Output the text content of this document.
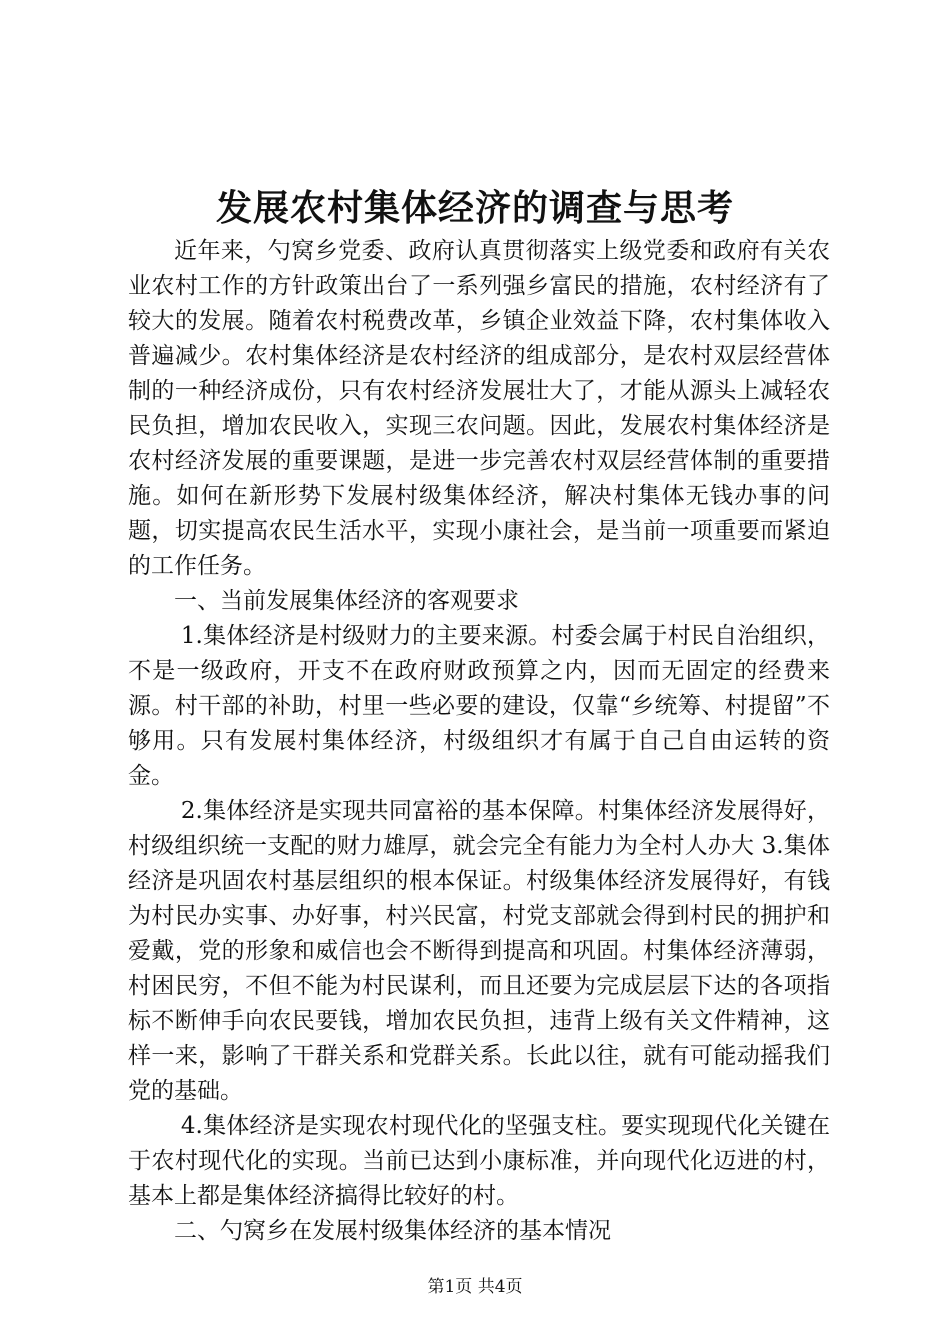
发展农村集体经济的调查与思考

近年来，勺窝乡党委、政府认真贯彻落实上级党委和政府有关农业农村工作的方针政策出台了一系列强乡富民的措施，农村经济有了较大的发展。随着农村税费改革，乡镇企业效益下降，农村集体收入普遍减少。农村集体经济是农村经济的组成部分，是农村双层经营体制的一种经济成份，只有农村经济发展壮大了，才能从源头上减轻农民负担，增加农民收入，实现三农问题。因此，发展农村集体经济是农村经济发展的重要课题，是进一步完善农村双层经营体制的重要措施。如何在新形势下发展村级集体经济，解决村集体无钱办事的问题，切实提高农民生活水平，实现小康社会，是当前一项重要而紧迫的工作任务。

一、当前发展集体经济的客观要求

1.集体经济是村级财力的主要来源。村委会属于村民自治组织，不是一级政府，开支不在政府财政预算之内，因而无固定的经费来源。村干部的补助，村里一些必要的建设，仅靠“乡统筹、村提留”不够用。只有发展村集体经济，村级组织才有属于自己自由运转的资金。

2.集体经济是实现共同富裕的基本保障。村集体经济发展得好，村级组织统一支配的财力雄厚，就会完全有能力为全村人办大 3.集体经济是巩固农村基层组织的根本保证。村级集体经济发展得好，有钱为村民办实事、办好事，村兴民富，村党支部就会得到村民的拥护和爱戴，党的形象和威信也会不断得到提高和巩固。村集体经济薄弱，村困民穷，不但不能为村民谋利，而且还要为完成层层下达的各项指标不断伸手向农民要钱，增加农民负担，违背上级有关文件精神，这样一来，影响了干群关系和党群关系。长此以往，就有可能动摇我们党的基础。

4.集体经济是实现农村现代化的坚强支柱。要实现现代化关键在于农村现代化的实现。当前已达到小康标准，并向现代化迈进的村，基本上都是集体经济搞得比较好的村。

二、勺窝乡在发展村级集体经济的基本情况

第1页 共4页
